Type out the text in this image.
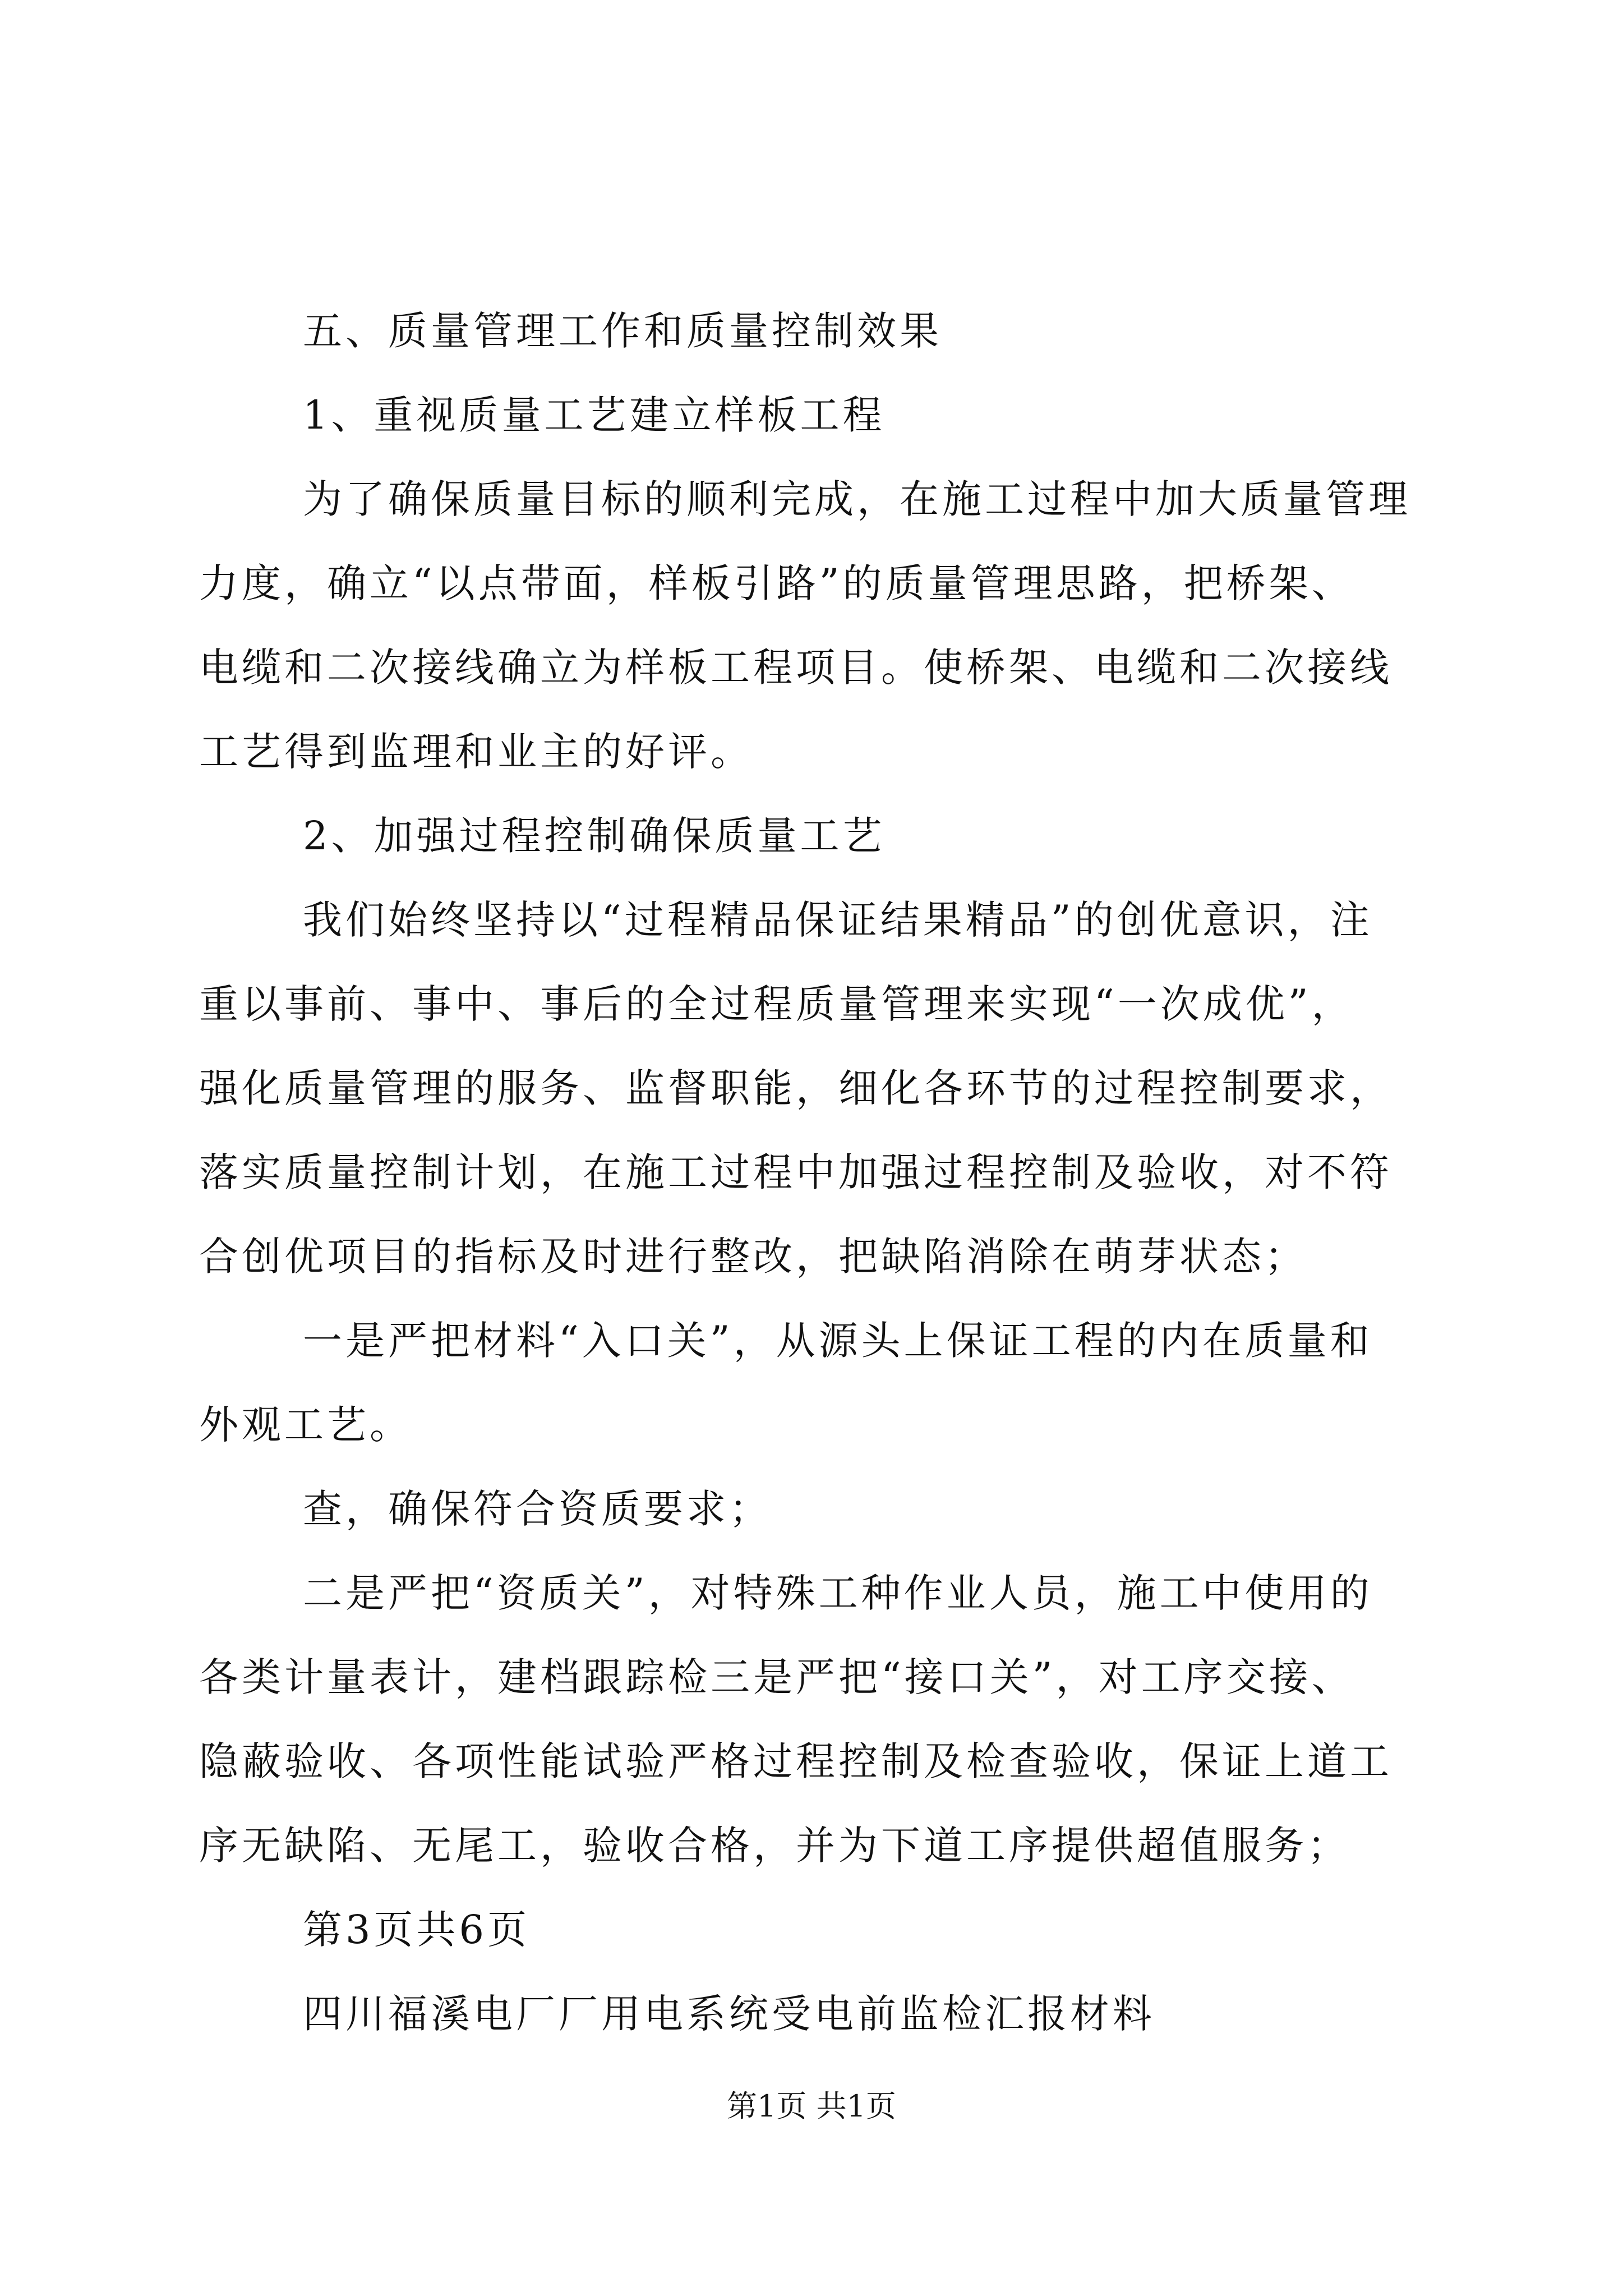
五、质量管理工作和质量控制效果
1、重视质量工艺建立样板工程
为了确保质量目标的顺利完成，在施工过程中加大质量管理
力度，确立“以点带面，样板引路”的质量管理思路，把桥架、
电缆和二次接线确立为样板工程项目。使桥架、电缆和二次接线
工艺得到监理和业主的好评。
2、加强过程控制确保质量工艺
我们始终坚持以“过程精品保证结果精品”的创优意识，注
重以事前、事中、事后的全过程质量管理来实现“一次成优”，
强化质量管理的服务、监督职能，细化各环节的过程控制要求，
落实质量控制计划，在施工过程中加强过程控制及验收，对不符
合创优项目的指标及时进行整改，把缺陷消除在萌芽状态；
一是严把材料“入口关”，从源头上保证工程的内在质量和
外观工艺。
查，确保符合资质要求；
二是严把“资质关”，对特殊工种作业人员，施工中使用的
各类计量表计，建档跟踪检三是严把“接口关”，对工序交接、
隐蔽验收、各项性能试验严格过程控制及检查验收，保证上道工
序无缺陷、无尾工，验收合格，并为下道工序提供超值服务；
第3页共6页
四川福溪电厂厂用电系统受电前监检汇报材料
第1页 共1页
